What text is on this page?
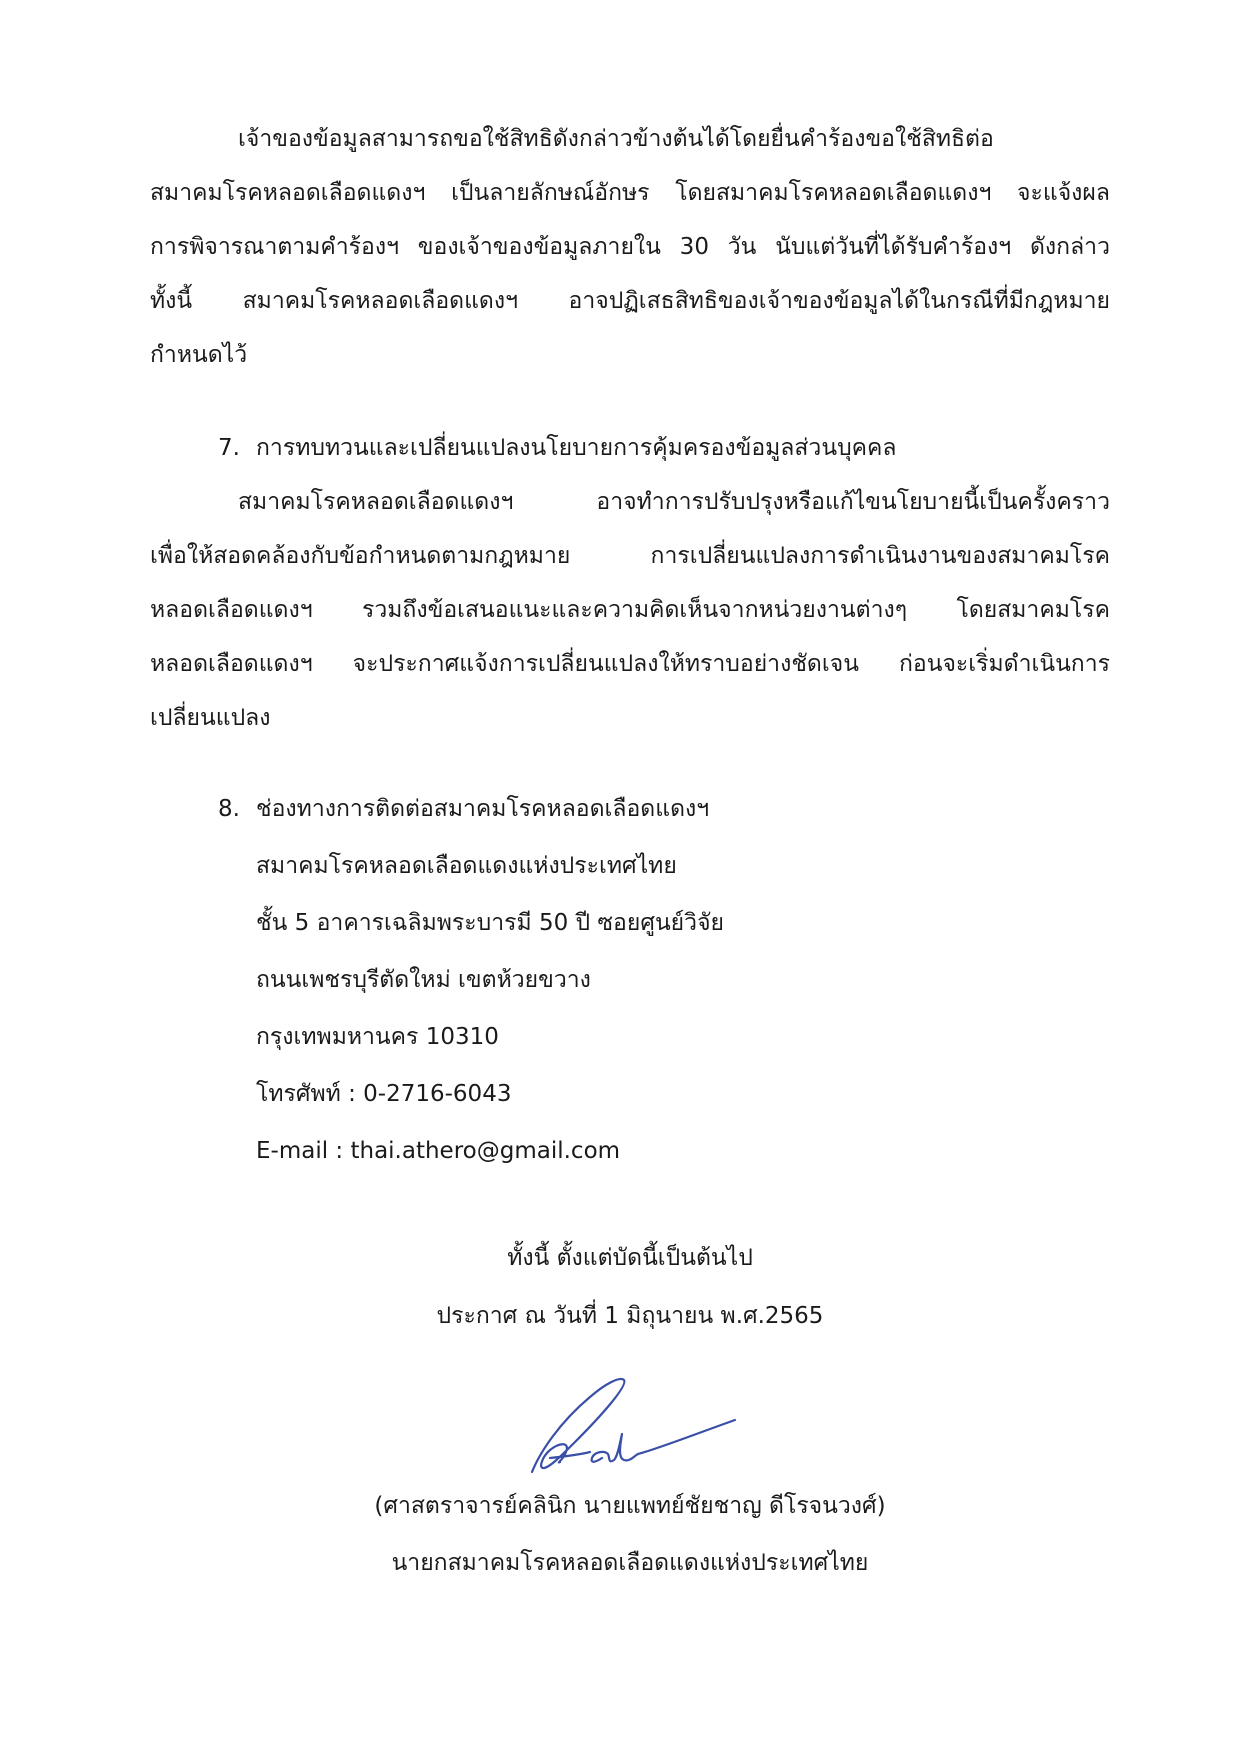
เจ้าของข้อมูลสามารถขอใช้สิทธิดังกล่าวข้างต้นได้โดยยื่นคำร้องขอใช้สิทธิต่อ
สมาคมโรคหลอดเลือดแดงฯ เป็นลายลักษณ์อักษร โดยสมาคมโรคหลอดเลือดแดงฯ จะแจ้งผล
การพิจารณาตามคำร้องฯ ของเจ้าของข้อมูลภายใน 30 วัน นับแต่วันที่ได้รับคำร้องฯ ดังกล่าว
ทั้งนี้ สมาคมโรคหลอดเลือดแดงฯ อาจปฏิเสธสิทธิของเจ้าของข้อมูลได้ในกรณีที่มีกฎหมาย
กำหนดไว้
7. การทบทวนและเปลี่ยนแปลงนโยบายการคุ้มครองข้อมูลส่วนบุคคล
สมาคมโรคหลอดเลือดแดงฯ อาจทำการปรับปรุงหรือแก้ไขนโยบายนี้เป็นครั้งคราว
เพื่อให้สอดคล้องกับข้อกำหนดตามกฎหมาย การเปลี่ยนแปลงการดำเนินงานของสมาคมโรค
หลอดเลือดแดงฯ รวมถึงข้อเสนอแนะและความคิดเห็นจากหน่วยงานต่างๆ โดยสมาคมโรค
หลอดเลือดแดงฯ จะประกาศแจ้งการเปลี่ยนแปลงให้ทราบอย่างชัดเจน ก่อนจะเริ่มดำเนินการ
เปลี่ยนแปลง
8. ช่องทางการติดต่อสมาคมโรคหลอดเลือดแดงฯ
สมาคมโรคหลอดเลือดแดงแห่งประเทศไทย
ชั้น 5 อาคารเฉลิมพระบารมี 50 ปี ซอยศูนย์วิจัย
ถนนเพชรบุรีตัดใหม่ เขตห้วยขวาง
กรุงเทพมหานคร 10310
โทรศัพท์ : 0-2716-6043
E-mail : thai.athero@gmail.com
ทั้งนี้ ตั้งแต่บัดนี้เป็นต้นไป
ประกาศ ณ วันที่ 1 มิถุนายน พ.ศ.2565
(ศาสตราจารย์คลินิก นายแพทย์ชัยชาญ ดีโรจนวงศ์)
นายกสมาคมโรคหลอดเลือดแดงแห่งประเทศไทย
